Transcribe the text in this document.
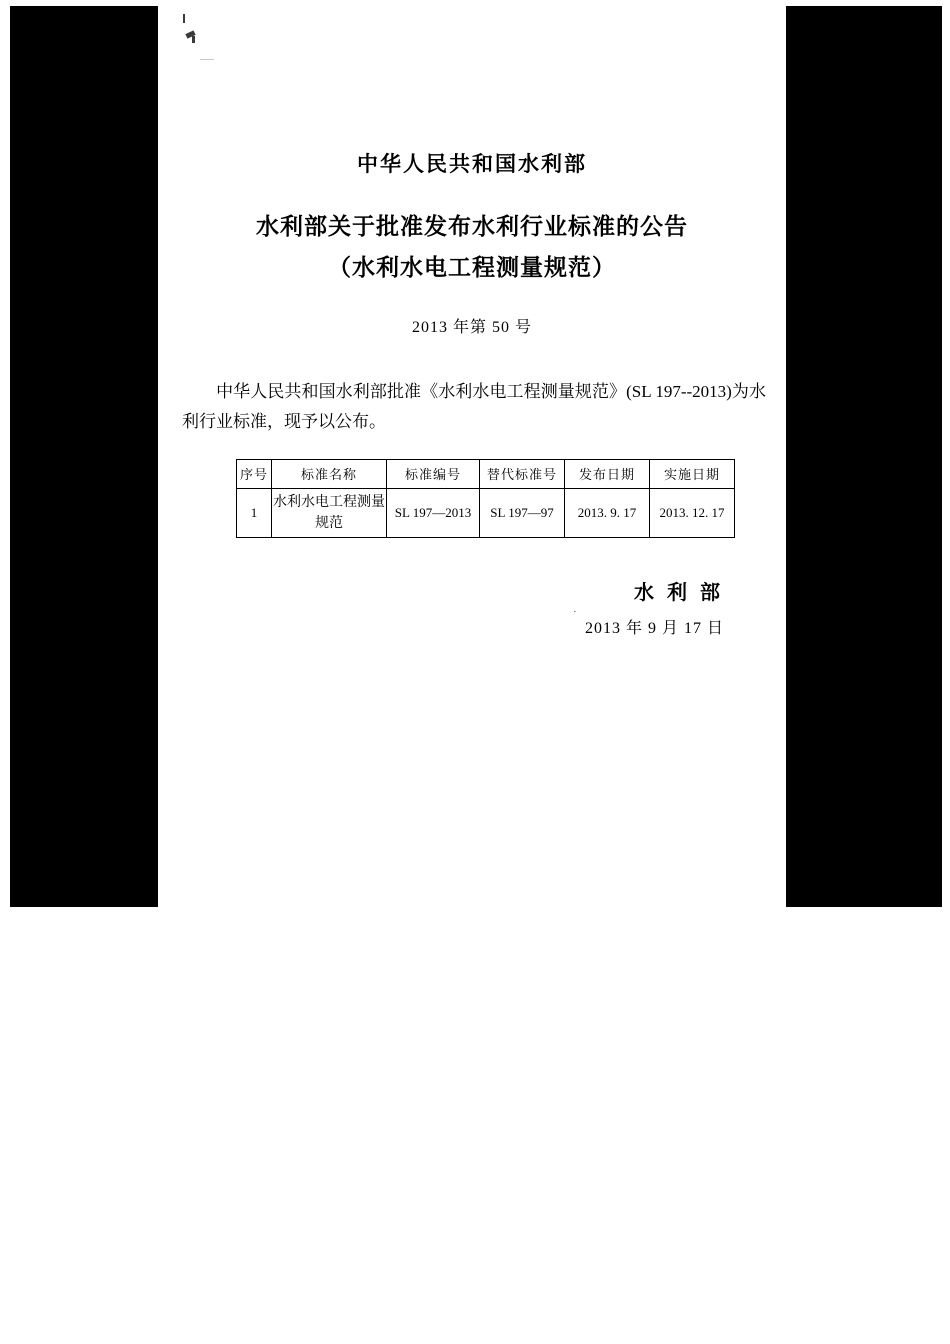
中华人民共和国水利部
水利部关于批准发布水利行业标准的公告
（水利水电工程测量规范）
2013 年第 50 号
中华人民共和国水利部批准《水利水电工程测量规范》(SL 197--2013)为水利行业标准，现予以公布。
序号	标准名称	标准编号	替代标准号	发布日期	实施日期
1	水利水电工程测量规范	SL 197—2013	SL 197—97	2013. 9. 17	2013. 12. 17
水 利 部
2013 年 9 月 17 日
·
